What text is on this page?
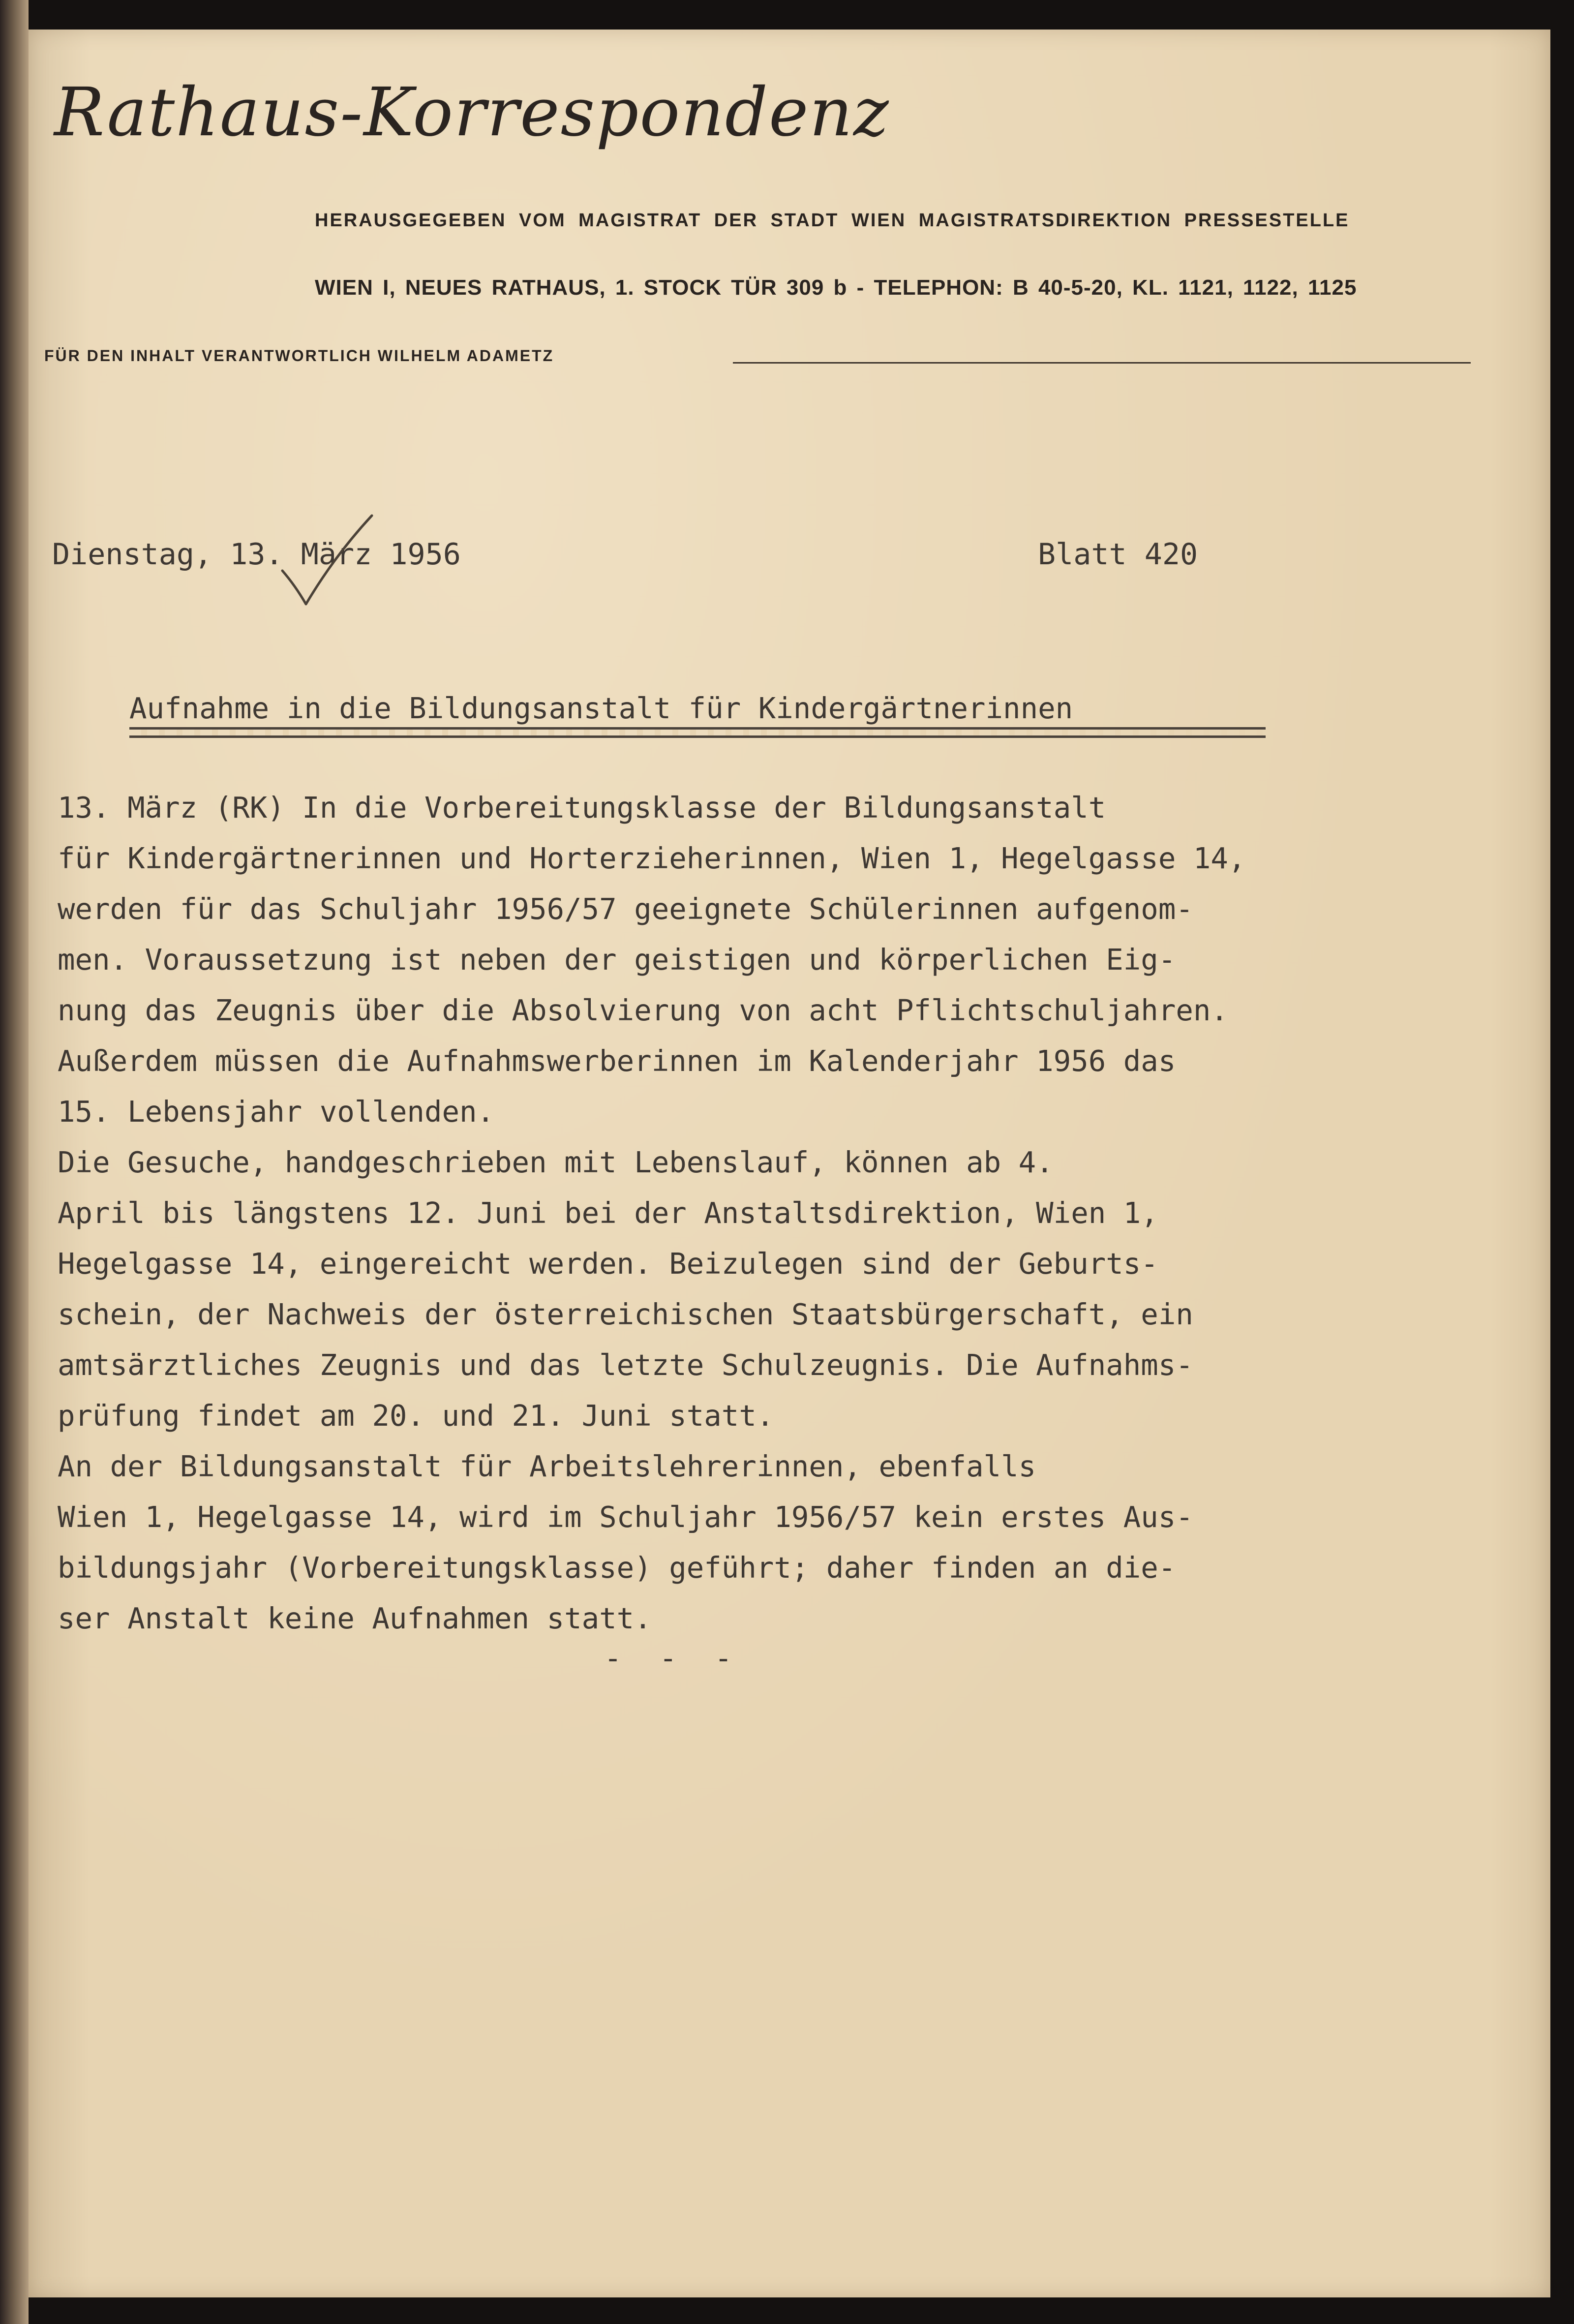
Rathaus-Korrespondenz
HERAUSGEGEBEN VOM MAGISTRAT DER STADT WIEN MAGISTRATSDIREKTION PRESSESTELLE
WIEN I, NEUES RATHAUS, 1. STOCK TÜR 309 b - TELEPHON: B 40-5-20, KL. 1121, 1122, 1125
FÜR DEN INHALT VERANTWORTLICH WILHELM ADAMETZ
Dienstag, 13. März 1956	Blatt 420
Aufnahme in die Bildungsanstalt für Kindergärtnerinnen
13. März (RK) In die Vorbereitungsklasse der Bildungsanstalt
für Kindergärtnerinnen und Horterzieherinnen, Wien 1, Hegelgasse 14,
werden für das Schuljahr 1956/57 geeignete Schülerinnen aufgenom-
men. Voraussetzung ist neben der geistigen und körperlichen Eig-
nung das Zeugnis über die Absolvierung von acht Pflichtschuljahren.
Außerdem müssen die Aufnahmswerberinnen im Kalenderjahr 1956 das
15. Lebensjahr vollenden.
Die Gesuche, handgeschrieben mit Lebenslauf, können ab 4.
April bis längstens 12. Juni bei der Anstaltsdirektion, Wien 1,
Hegelgasse 14, eingereicht werden. Beizulegen sind der Geburts-
schein, der Nachweis der österreichischen Staatsbürgerschaft, ein
amtsärztliches Zeugnis und das letzte Schulzeugnis. Die Aufnahms-
prüfung findet am 20. und 21. Juni statt.
An der Bildungsanstalt für Arbeitslehrerinnen, ebenfalls
Wien 1, Hegelgasse 14, wird im Schuljahr 1956/57 kein erstes Aus-
bildungsjahr (Vorbereitungsklasse) geführt; daher finden an die-
ser Anstalt keine Aufnahmen statt.
- - -
